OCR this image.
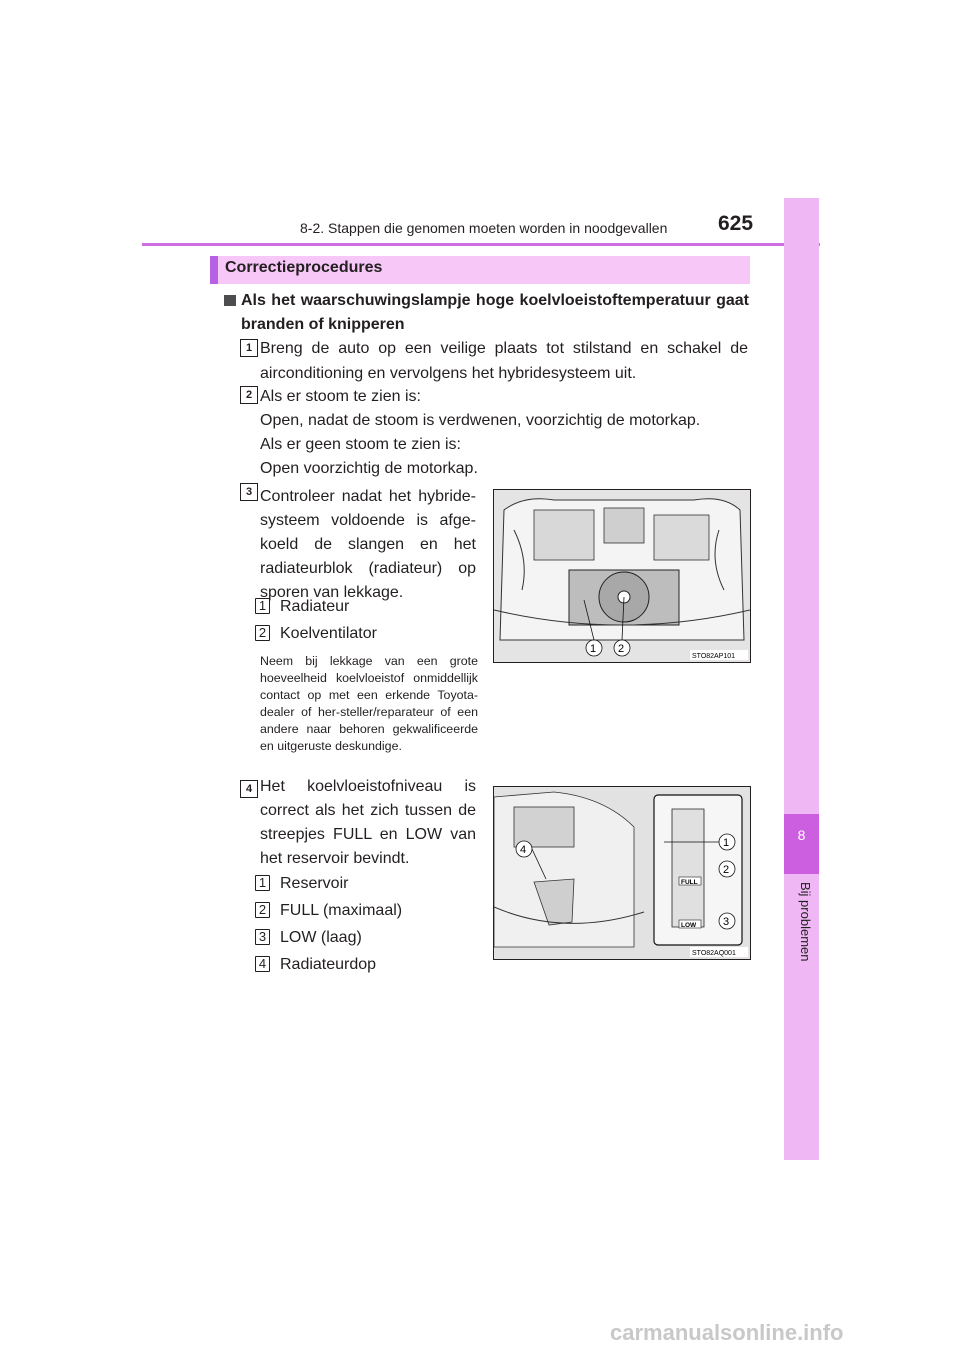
8-2. Stappen die genomen moeten worden in noodgevallen 625
8
Bij problemen
Correctieprocedures
Als het waarschuwingslampje hoge koelvloeistoftemperatuur gaat branden of knipperen
1 Breng de auto op een veilige plaats tot stilstand en schakel de airconditioning en vervolgens het hybridesysteem uit.
2 Als er stoom te zien is:
Open, nadat de stoom is verdwenen, voorzichtig de motorkap.
Als er geen stoom te zien is:
Open voorzichtig de motorkap.
3 Controleer nadat het hybride-systeem voldoende is afge-koeld de slangen en het radiateurblok (radiateur) op sporen van lekkage.
1 Radiateur
2 Koelventilator
Neem bij lekkage van een grote hoeveelheid koelvloeistof onmiddellijk contact op met een erkende Toyota-dealer of her-steller/reparateur of een andere naar behoren gekwalificeerde en uitgeruste deskundige.
1 2
STO82AP101
4 Het koelvloeistofniveau is correct als het zich tussen de streepjes FULL en LOW van het reservoir bevindt.
1 Reservoir
2 FULL (maximaal)
3 LOW (laag)
4 Radiateurdop
FULL
LOW
1
2
3
4
STO82AQ001
carmanualsonline.info
